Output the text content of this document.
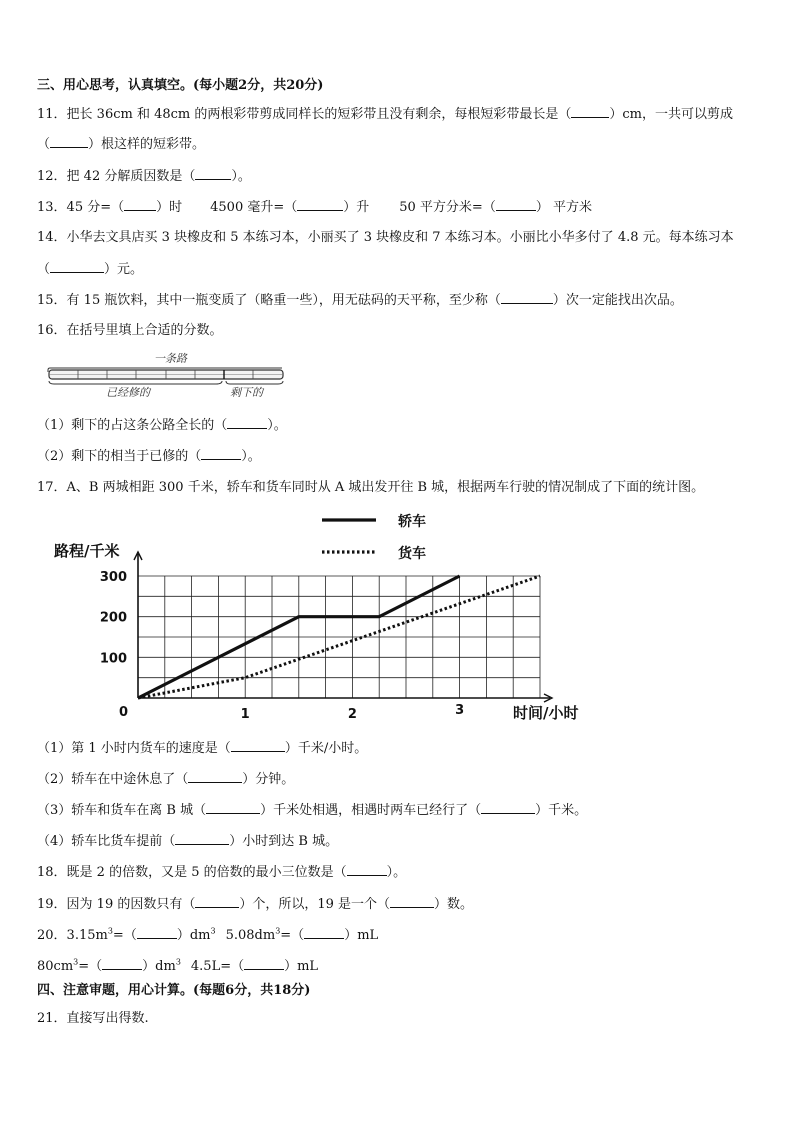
三、用心思考，认真填空。(每小题2分，共20分)
11．把长 36cm 和 48cm 的两根彩带剪成同样长的短彩带且没有剩余，每根短彩带最长是（	）cm，一共可以剪成
（	）根这样的短彩带。
12．把 42 分解质因数是（	）。
13．45 分=（ ）时 4500 毫升=（	）升 50 平方分米=（	） 平方米
14．小华去文具店买 3 块橡皮和 5 本练习本，小丽买了 3 块橡皮和 7 本练习本。小丽比小华多付了 4.8 元。每本练习本
（	）元。
15．有 15 瓶饮料，其中一瓶变质了（略重一些），用无砝码的天平称，至少称（	）次一定能找出次品。
16．在括号里填上合适的分数。
一条路
已经修的	剩下的
（1）剩下的占这条公路全长的（	）。
（2）剩下的相当于已修的（	）。
17．A、B 两城相距 300 千米，轿车和货车同时从 A 城出发开往 B 城，根据两车行驶的情况制成了下面的统计图。
轿车
货车
路程/千米
时间/小时
0	1	2	3
100
200
300
（1）第 1 小时内货车的速度是（	）千米/小时。
（2）轿车在中途休息了（	）分钟。
（3）轿车和货车在离 B 城（	）千米处相遇，相遇时两车已经行了（	）千米。
（4）轿车比货车提前（	）小时到达 B 城。
18．既是 2 的倍数，又是 5 的倍数的最小三位数是（	）。
19．因为 19 的因数只有（	）个，所以，19 是一个（	）数。
20．$3.15m^3=$（	）$dm^3$ $5.08dm^3=$（	）mL
$80cm^3=$（	）$dm^3$ 4.5L=（	）mL
四、注意审题，用心计算。(每题6分，共18分)
21．直接写出得数.
